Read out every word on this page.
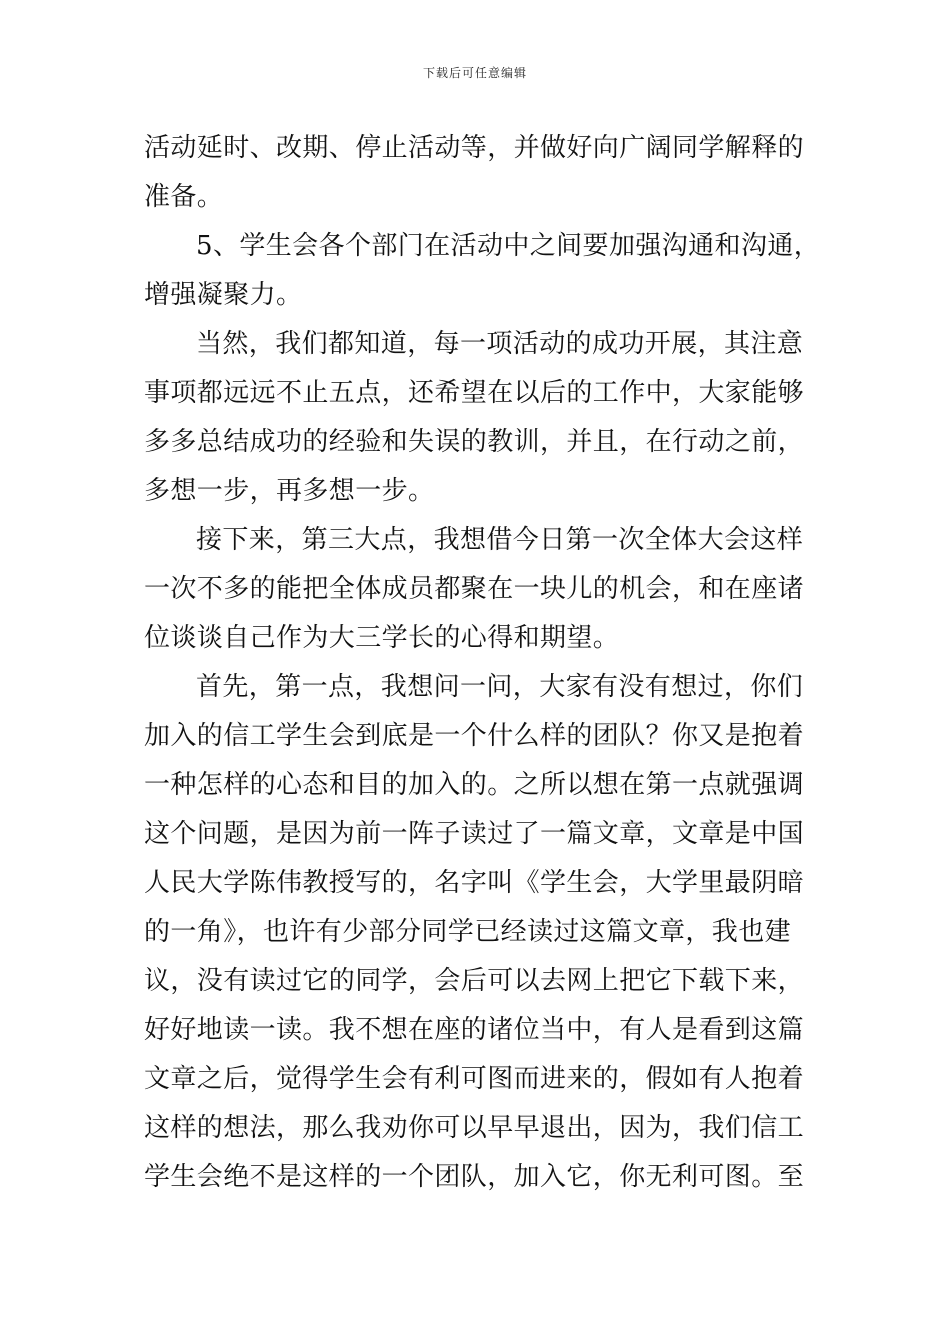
下载后可任意编辑

活动延时、改期、停止活动等，并做好向广阔同学解释的
准备。

5、学生会各个部门在活动中之间要加强沟通和沟通，
增强凝聚力。

当然，我们都知道，每一项活动的成功开展，其注意
事项都远远不止五点，还希望在以后的工作中，大家能够
多多总结成功的经验和失误的教训，并且，在行动之前，
多想一步，再多想一步。

接下来，第三大点，我想借今日第一次全体大会这样
一次不多的能把全体成员都聚在一块儿的机会，和在座诸
位谈谈自己作为大三学长的心得和期望。

首先，第一点，我想问一问，大家有没有想过，你们
加入的信工学生会到底是一个什么样的团队？你又是抱着
一种怎样的心态和目的加入的。之所以想在第一点就强调
这个问题，是因为前一阵子读过了一篇文章，文章是中国
人民大学陈伟教授写的，名字叫《学生会，大学里最阴暗
的一角》，也许有少部分同学已经读过这篇文章，我也建
议，没有读过它的同学，会后可以去网上把它下载下来，
好好地读一读。我不想在座的诸位当中，有人是看到这篇
文章之后，觉得学生会有利可图而进来的，假如有人抱着
这样的想法，那么我劝你可以早早退出，因为，我们信工
学生会绝不是这样的一个团队，加入它，你无利可图。至
